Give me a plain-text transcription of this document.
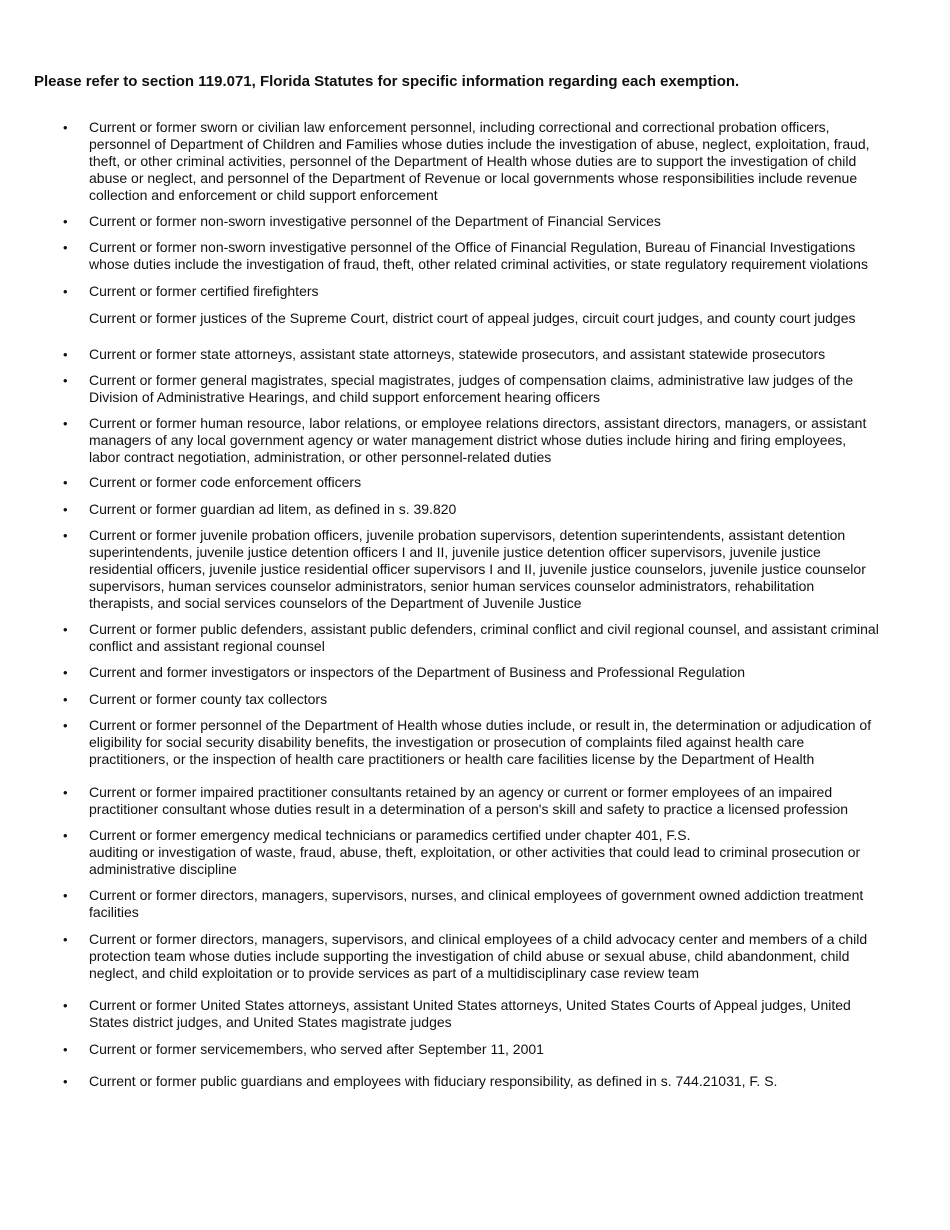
Please refer to section 119.071, Florida Statutes for specific information regarding each exemption.
• Current or former sworn or civilian law enforcement personnel, including correctional and correctional probation officers, personnel of Department of Children and Families whose duties include the investigation of abuse, neglect, exploitation, fraud, theft, or other criminal activities, personnel of the Department of Health whose duties are to support the investigation of child abuse or neglect, and personnel of the Department of Revenue or local governments whose responsibilities include revenue collection and enforcement or child support enforcement
• Current or former non-sworn investigative personnel of the Department of Financial Services
• Current or former non-sworn investigative personnel of the Office of Financial Regulation, Bureau of Financial Investigations whose duties include the investigation of fraud, theft, other related criminal activities, or state regulatory requirement violations
• Current or former certified firefighters
Current or former justices of the Supreme Court, district court of appeal judges, circuit court judges, and county court judges
• Current or former state attorneys, assistant state attorneys, statewide prosecutors, and assistant statewide prosecutors
• Current or former general magistrates, special magistrates, judges of compensation claims, administrative law judges of the Division of Administrative Hearings, and child support enforcement hearing officers
• Current or former human resource, labor relations, or employee relations directors, assistant directors, managers, or assistant managers of any local government agency or water management district whose duties include hiring and firing employees, labor contract negotiation, administration, or other personnel-related duties
• Current or former code enforcement officers
• Current or former guardian ad litem, as defined in s. 39.820
• Current or former juvenile probation officers, juvenile probation supervisors, detention superintendents, assistant detention superintendents, juvenile justice detention officers I and II, juvenile justice detention officer supervisors, juvenile justice residential officers, juvenile justice residential officer supervisors I and II, juvenile justice counselors, juvenile justice counselor supervisors, human services counselor administrators, senior human services counselor administrators, rehabilitation therapists, and social services counselors of the Department of Juvenile Justice
• Current or former public defenders, assistant public defenders, criminal conflict and civil regional counsel, and assistant criminal conflict and assistant regional counsel
• Current and former investigators or inspectors of the Department of Business and Professional Regulation
• Current or former county tax collectors
• Current or former personnel of the Department of Health whose duties include, or result in, the determination or adjudication of eligibility for social security disability benefits, the investigation or prosecution of complaints filed against health care practitioners, or the inspection of health care practitioners or health care facilities license by the Department of Health
• Current or former impaired practitioner consultants retained by an agency or current or former employees of an impaired practitioner consultant whose duties result in a determination of a person's skill and safety to practice a licensed profession
• Current or former emergency medical technicians or paramedics certified under chapter 401, F.S.
auditing or investigation of waste, fraud, abuse, theft, exploitation, or other activities that could lead to criminal prosecution or administrative discipline
• Current or former directors, managers, supervisors, nurses, and clinical employees of government owned addiction treatment facilities
• Current or former directors, managers, supervisors, and clinical employees of a child advocacy center and members of a child protection team whose duties include supporting the investigation of child abuse or sexual abuse, child abandonment, child neglect, and child exploitation or to provide services as part of a multidisciplinary case review team
• Current or former United States attorneys, assistant United States attorneys, United States Courts of Appeal judges, United States district judges, and United States magistrate judges
• Current or former servicemembers, who served after September 11, 2001
• Current or former public guardians and employees with fiduciary responsibility, as defined in s. 744.21031, F. S.
